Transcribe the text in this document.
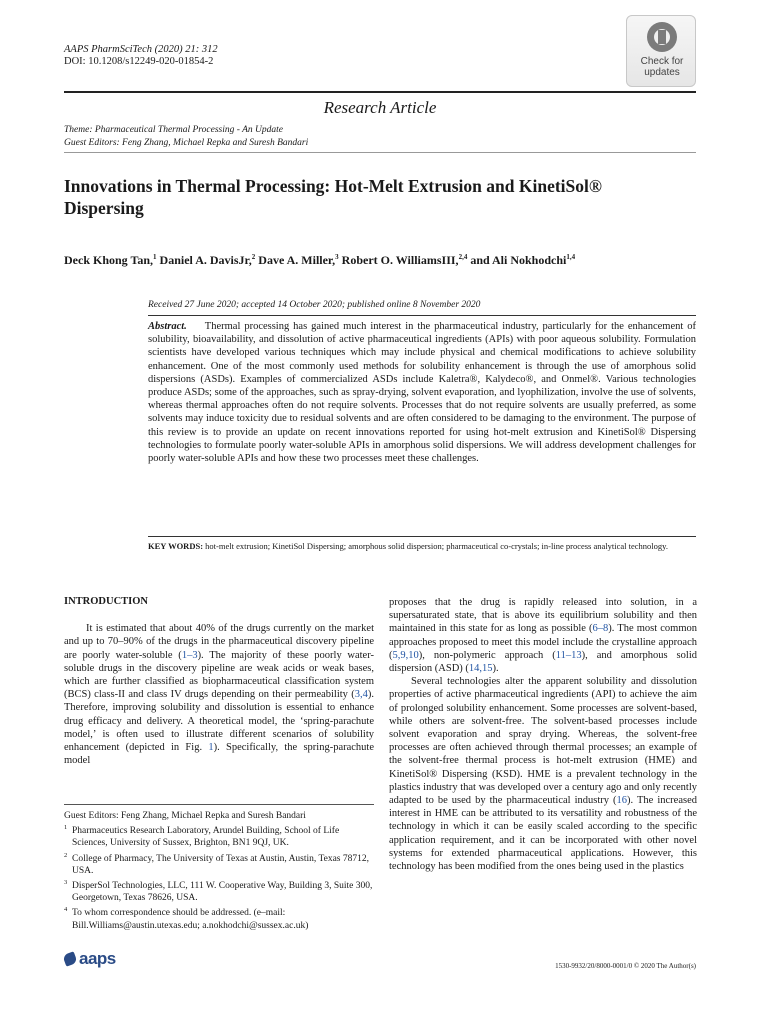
AAPS PharmSciTech (2020) 21: 312
DOI: 10.1208/s12249-020-01854-2	Check for
updates
Research Article
Theme: Pharmaceutical Thermal Processing - An Update
Guest Editors: Feng Zhang, Michael Repka and Suresh Bandari
Innovations in Thermal Processing: Hot-Melt Extrusion and KinetiSol® Dispersing
Deck Khong Tan,$^1$ Daniel A. DavisJr,$^2$ Dave A. Miller,$^3$ Robert O. WilliamsIII,$^{2,4}$ and Ali Nokhodchi$^{1,4}$
Received 27 June 2020; accepted 14 October 2020; published online 8 November 2020
Abstract. Thermal processing has gained much interest in the pharmaceutical industry, particularly for the enhancement of solubility, bioavailability, and dissolution of active pharmaceutical ingredients (APIs) with poor aqueous solubility. Formulation scientists have developed various techniques which may include physical and chemical modifications to achieve solubility enhancement. One of the most commonly used methods for solubility enhancement is through the use of amorphous solid dispersions (ASDs). Examples of commercialized ASDs include Kaletra®, Kalydeco®, and Onmel®. Various technologies produce ASDs; some of the approaches, such as spray-drying, solvent evaporation, and lyophilization, involve the use of solvents, whereas thermal approaches often do not require solvents. Processes that do not require solvents are usually preferred, as some solvents may induce toxicity due to residual solvents and are often considered to be damaging to the environment. The purpose of this review is to provide an update on recent innovations reported for using hot-melt extrusion and KinetiSol® Dispersing technologies to formulate poorly water-soluble APIs in amorphous solid dispersions. We will address development challenges for poorly water-soluble APIs and how these two processes meet these challenges.
KEY WORDS: hot-melt extrusion; KinetiSol Dispersing; amorphous solid dispersion; pharmaceutical co-crystals; in-line process analytical technology.
INTRODUCTION

It is estimated that about 40% of the drugs currently on the market and up to 70–90% of the drugs in the pharmaceutical discovery pipeline are poorly water-soluble (1–3). The majority of these poorly water-soluble drugs in the discovery pipeline are weak acids or weak bases, which are further classified as biopharmaceutical classification system (BCS) class-II and class IV drugs depending on their permeability (3,4). Therefore, improving solubility and dissolution is essential to enhance drug efficacy and delivery. A theoretical model, the ‘spring-parachute model,’ is often used to illustrate different scenarios of solubility enhancement (depicted in Fig. 1). Specifically, the spring-parachute model

Guest Editors: Feng Zhang, Michael Repka and Suresh Bandari
1 Pharmaceutics Research Laboratory, Arundel Building, School of Life Sciences, University of Sussex, Brighton, BN1 9QJ, UK.
2 College of Pharmacy, The University of Texas at Austin, Austin, Texas 78712, USA.
3 DisperSol Technologies, LLC, 111 W. Cooperative Way, Building 3, Suite 300, Georgetown, Texas 78626, USA.
4 To whom correspondence should be addressed. (e–mail: Bill.Williams@austin.utexas.edu; a.nokhodchi@sussex.ac.uk)

proposes that the drug is rapidly released into solution, in a supersaturated state, that is above its equilibrium solubility and then maintained in this state for as long as possible (6–8). The most common approaches proposed to meet this model include the crystalline approach (5,9,10), non-polymeric approach (11–13), and amorphous solid dispersion (ASD) (14,15).

Several technologies alter the apparent solubility and dissolution properties of active pharmaceutical ingredients (API) to achieve the aim of prolonged solubility enhancement. Some processes are solvent-based, while others are solvent-free. The solvent-based processes include solvent evaporation and spray drying. Whereas, the solvent-free processes are often achieved through thermal processes; an example of the solvent-free thermal process is hot-melt extrusion (HME) and KinetiSol® Dispersing (KSD). HME is a prevalent technology in the plastics industry that was developed over a century ago and only recently adapted to be used by the pharmaceutical industry (16). The increased interest in HME can be attributed to its versatility and robustness of the technology in which it can be easily scaled according to the specific application requirement, and it can be incorporated with other novel systems for extended pharmaceutical applications. However, this technology has been modified from the ones being used in the plastics

aaps	1530-9932/20/8000-0001/0 © 2020 The Author(s)
